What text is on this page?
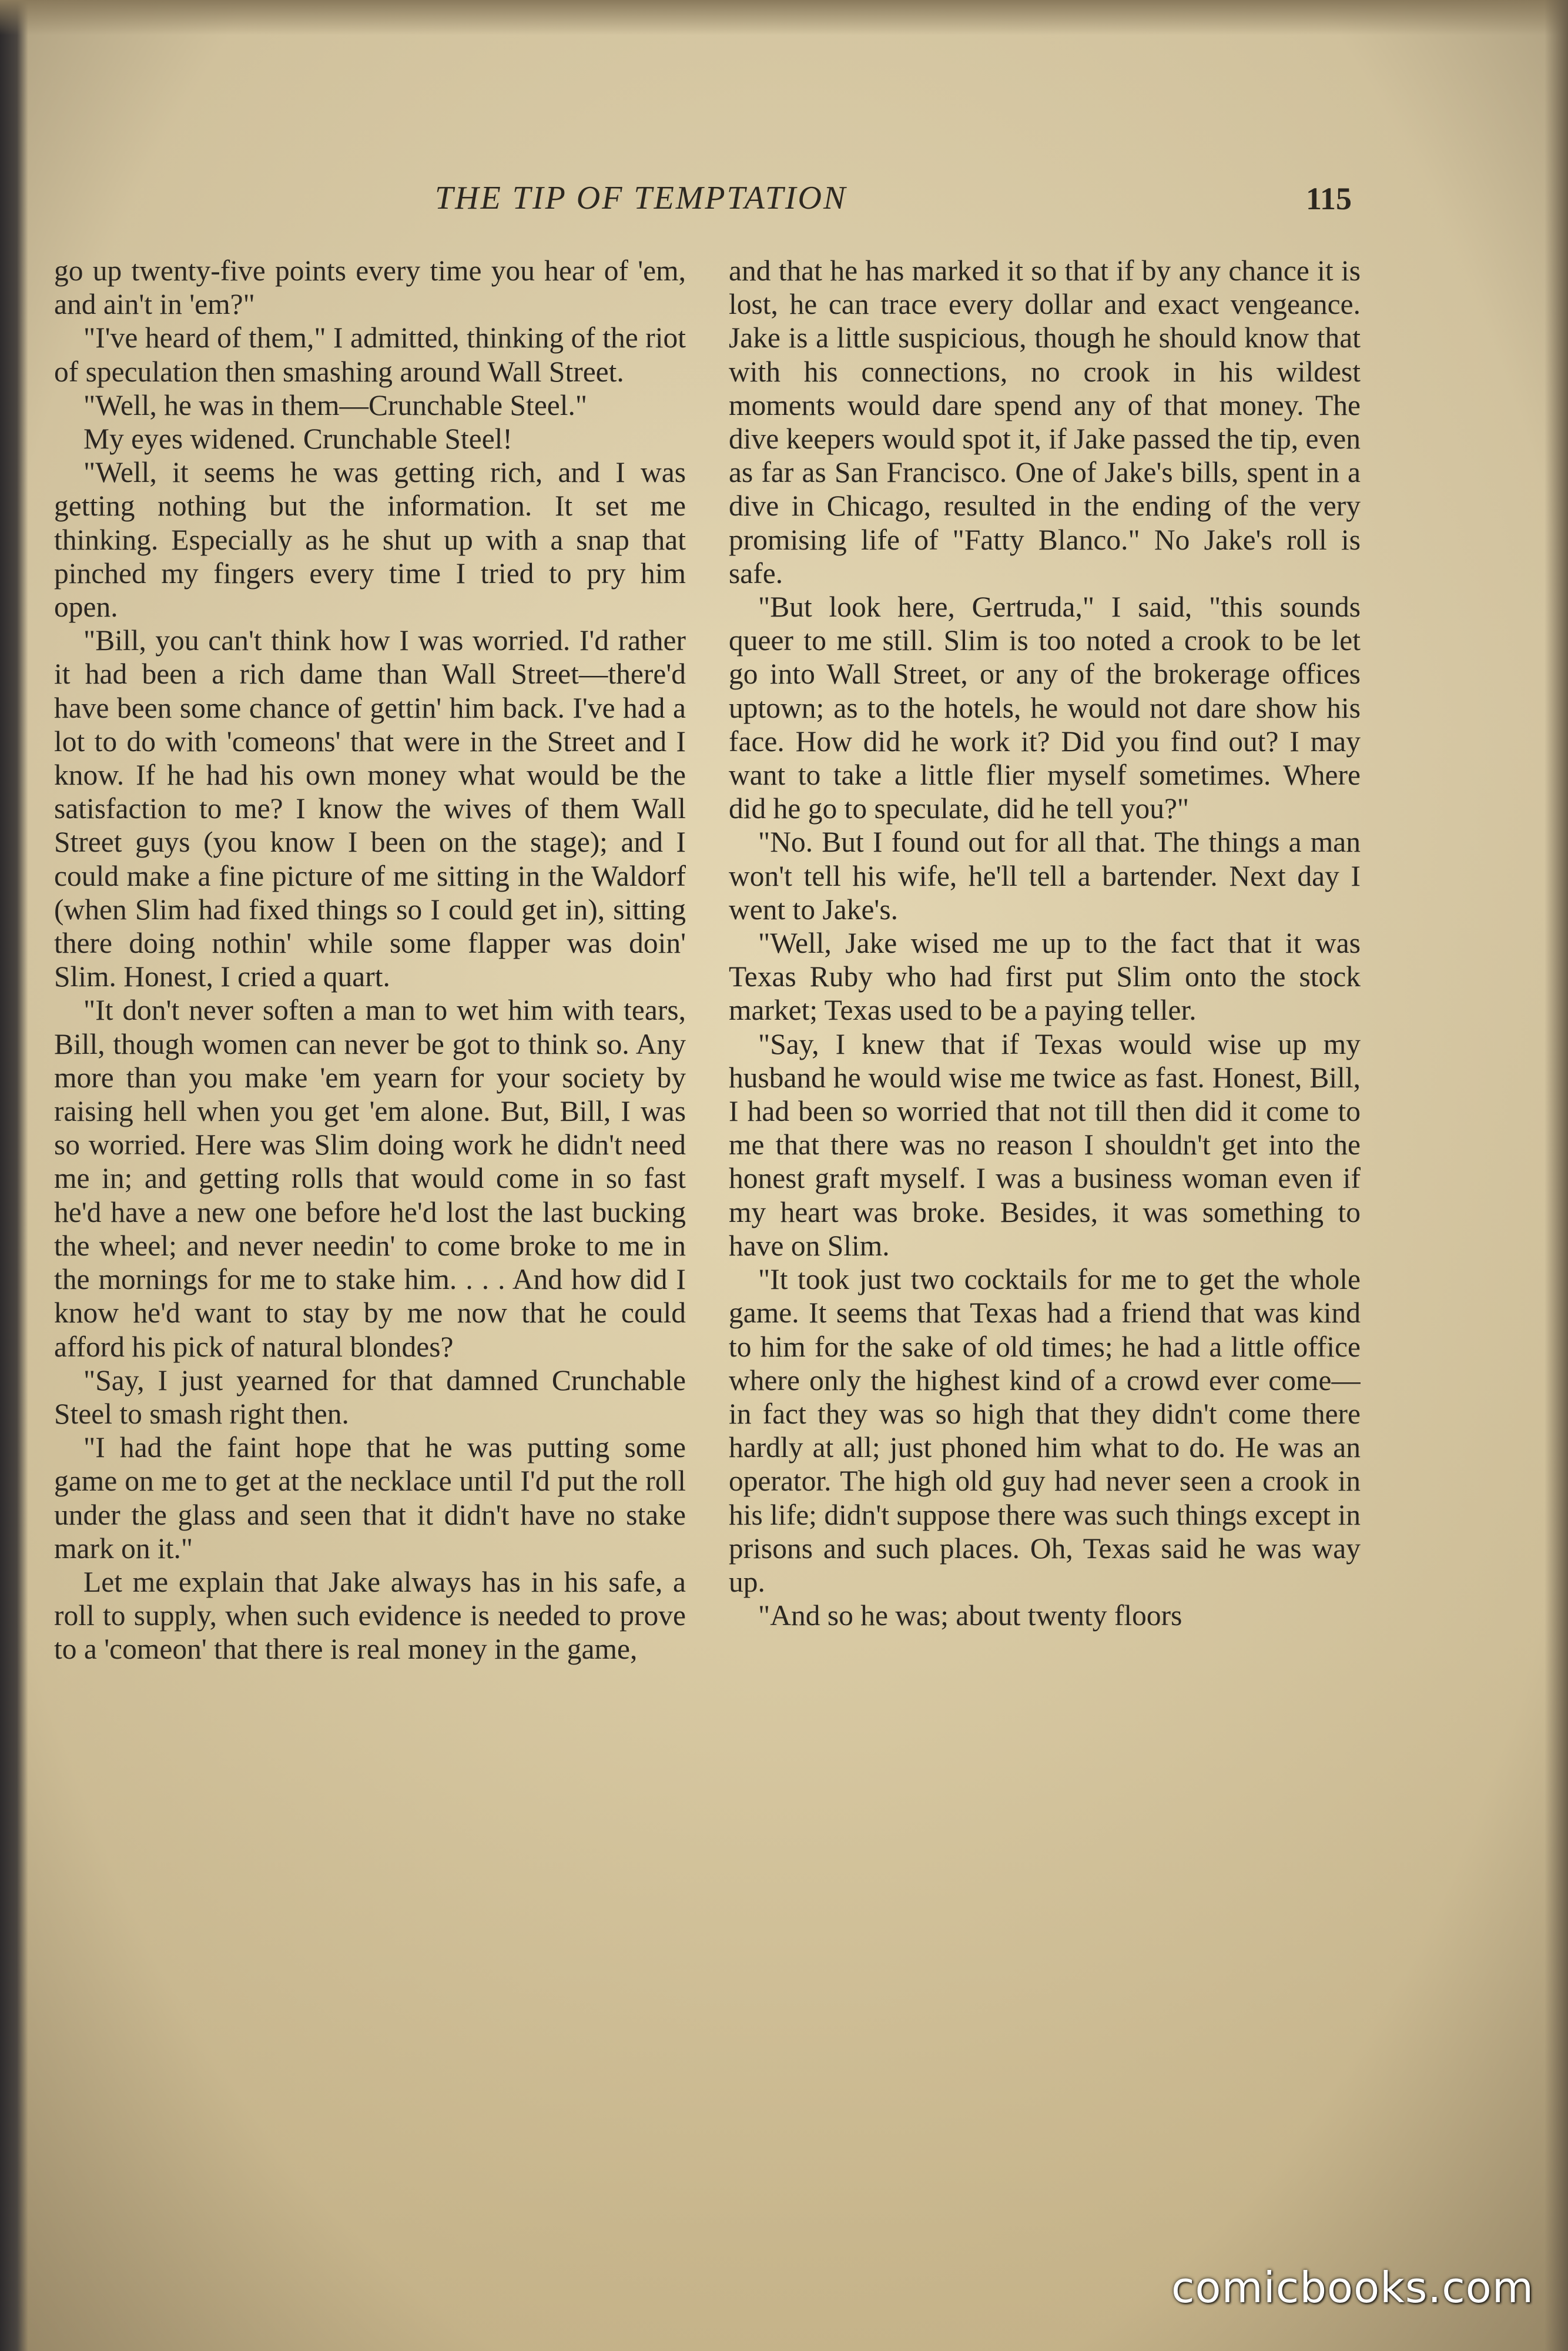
THE TIP OF TEMPTATION	115

go up twenty-five points every time you hear of 'em, and ain't in 'em?"

"I've heard of them," I admitted, thinking of the riot of speculation then smashing around Wall Street.

"Well, he was in them—Crunchable Steel."

My eyes widened. Crunchable Steel!

"Well, it seems he was getting rich, and I was getting nothing but the information. It set me thinking. Especially as he shut up with a snap that pinched my fingers every time I tried to pry him open.

"Bill, you can't think how I was worried. I'd rather it had been a rich dame than Wall Street—there'd have been some chance of gettin' him back. I've had a lot to do with 'comeons' that were in the Street and I know. If he had his own money what would be the satisfaction to me? I know the wives of them Wall Street guys (you know I been on the stage); and I could make a fine picture of me sitting in the Waldorf (when Slim had fixed things so I could get in), sitting there doing nothin' while some flapper was doin' Slim. Honest, I cried a quart.

"It don't never soften a man to wet him with tears, Bill, though women can never be got to think so. Any more than you make 'em yearn for your society by raising hell when you get 'em alone. But, Bill, I was so worried. Here was Slim doing work he didn't need me in; and getting rolls that would come in so fast he'd have a new one before he'd lost the last bucking the wheel; and never needin' to come broke to me in the mornings for me to stake him. . . . And how did I know he'd want to stay by me now that he could afford his pick of natural blondes?

"Say, I just yearned for that damned Crunchable Steel to smash right then.

"I had the faint hope that he was putting some game on me to get at the necklace until I'd put the roll under the glass and seen that it didn't have no stake mark on it."

Let me explain that Jake always has in his safe, a roll to supply, when such evidence is needed to prove to a 'comeon' that there is real money in the game,

and that he has marked it so that if by any chance it is lost, he can trace every dollar and exact vengeance. Jake is a little suspicious, though he should know that with his connections, no crook in his wildest moments would dare spend any of that money. The dive keepers would spot it, if Jake passed the tip, even as far as San Francisco. One of Jake's bills, spent in a dive in Chicago, resulted in the ending of the very promising life of "Fatty Blanco." No Jake's roll is safe.

"But look here, Gertruda," I said, "this sounds queer to me still. Slim is too noted a crook to be let go into Wall Street, or any of the brokerage offices uptown; as to the hotels, he would not dare show his face. How did he work it? Did you find out? I may want to take a little flier myself sometimes. Where did he go to speculate, did he tell you?"

"No. But I found out for all that. The things a man won't tell his wife, he'll tell a bartender. Next day I went to Jake's.

"Well, Jake wised me up to the fact that it was Texas Ruby who had first put Slim onto the stock market; Texas used to be a paying teller.

"Say, I knew that if Texas would wise up my husband he would wise me twice as fast. Honest, Bill, I had been so worried that not till then did it come to me that there was no reason I shouldn't get into the honest graft myself. I was a business woman even if my heart was broke. Besides, it was something to have on Slim.

"It took just two cocktails for me to get the whole game. It seems that Texas had a friend that was kind to him for the sake of old times; he had a little office where only the highest kind of a crowd ever come—in fact they was so high that they didn't come there hardly at all; just phoned him what to do. He was an operator. The high old guy had never seen a crook in his life; didn't suppose there was such things except in prisons and such places. Oh, Texas said he was way up.

"And so he was; about twenty floors

comicbooks.com
